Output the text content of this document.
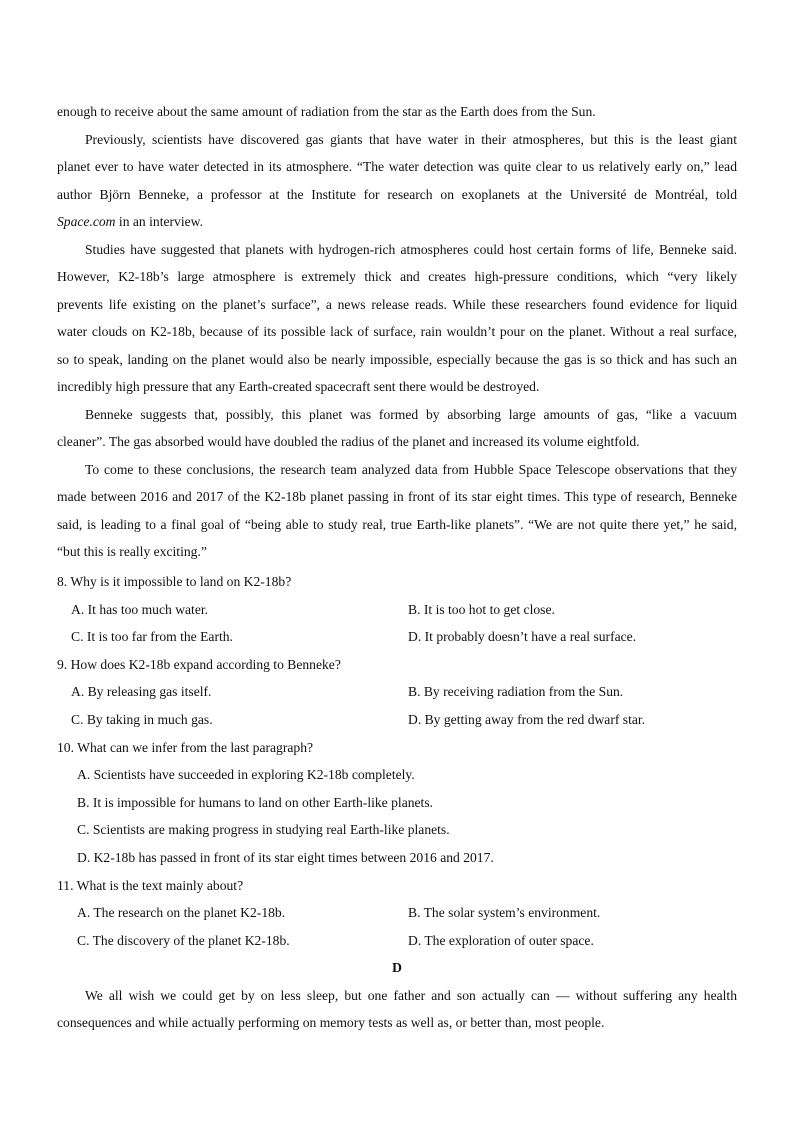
enough to receive about the same amount of radiation from the star as the Earth does from the Sun.

Previously, scientists have discovered gas giants that have water in their atmospheres, but this is the least giant
planet ever to have water detected in its atmosphere. “The water detection was quite clear to us relatively early on,” lead
author Björn Benneke, a professor at the Institute for research on exoplanets at the Université de Montréal, told
Space.com in an interview.
Studies have suggested that planets with hydrogen-rich atmospheres could host certain forms of life, Benneke said.
However, K2-18b’s large atmosphere is extremely thick and creates high-pressure conditions, which “very likely
prevents life existing on the planet’s surface”, a news release reads. While these researchers found evidence for liquid
water clouds on K2-18b, because of its possible lack of surface, rain wouldn’t pour on the planet. Without a real surface,
so to speak, landing on the planet would also be nearly impossible, especially because the gas is so thick and has such an
incredibly high pressure that any Earth-created spacecraft sent there would be destroyed.
Benneke suggests that, possibly, this planet was formed by absorbing large amounts of gas, “like a vacuum
cleaner”. The gas absorbed would have doubled the radius of the planet and increased its volume eightfold.
To come to these conclusions, the research team analyzed data from Hubble Space Telescope observations that they
made between 2016 and 2017 of the K2-18b planet passing in front of its star eight times. This type of research, Benneke
said, is leading to a final goal of “being able to study real, true Earth-like planets”. “We are not quite there yet,” he said,
“but this is really exciting.”

8. Why is it impossible to land on K2-18b?

A. It has too much water.	B. It is too hot to get close.
C. It is too far from the Earth.	D. It probably doesn’t have a real surface.

9. How does K2-18b expand according to Benneke?

A. By releasing gas itself.	B. By receiving radiation from the Sun.
C. By taking in much gas.	D. By getting away from the red dwarf star.

10. What can we infer from the last paragraph?

A. Scientists have succeeded in exploring K2-18b completely.
B. It is impossible for humans to land on other Earth-like planets.
C. Scientists are making progress in studying real Earth-like planets.
D. K2-18b has passed in front of its star eight times between 2016 and 2017.

11. What is the text mainly about?

A. The research on the planet K2-18b.	B. The solar system’s environment.
C. The discovery of the planet K2-18b.	D. The exploration of outer space.
D
We all wish we could get by on less sleep, but one father and son actually can — without suffering any health
consequences and while actually performing on memory tests as well as, or better than, most people.
